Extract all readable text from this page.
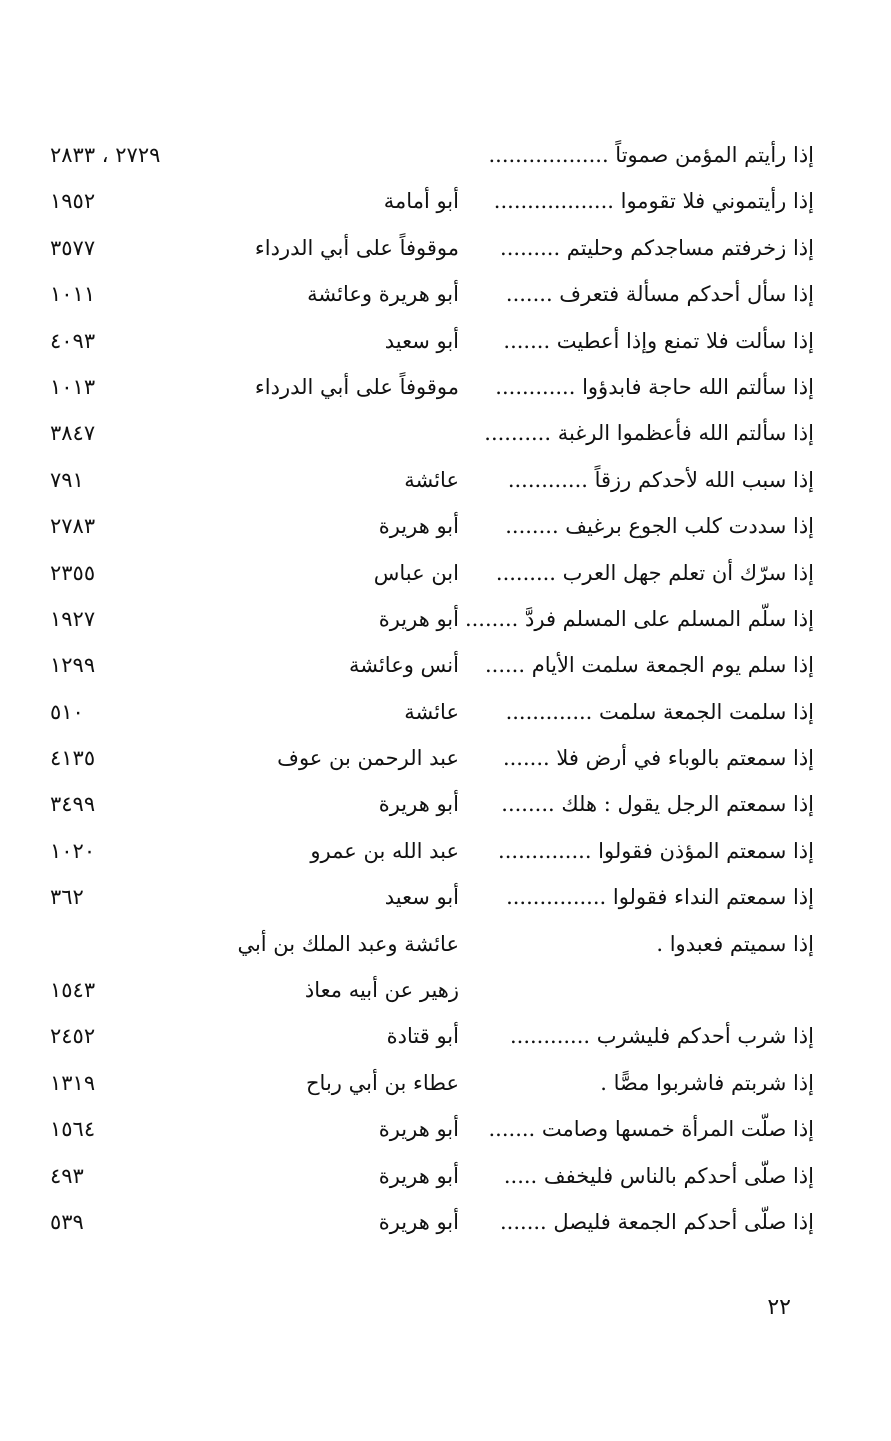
إذا رأيتم المؤمن صموتاً ..................
٢٧٢٩ ، ٢٨٣٣
إذا رأيتموني فلا تقوموا ..................
أبو أمامة
١٩٥٢
إذا زخرفتم مساجدكم وحليتم .........
موقوفاً على أبي الدرداء
٣٥٧٧
إذا سأل أحدكم مسألة فتعرف .......
أبو هريرة وعائشة
١٠١١
إذا سألت فلا تمنع وإذا أعطيت .......
أبو سعيد
٤٠٩٣
إذا سألتم الله حاجة فابدؤوا ............
موقوفاً على أبي الدرداء
١٠١٣
إذا سألتم الله فأعظموا الرغبة ..........
٣٨٤٧
إذا سبب الله لأحدكم رزقاً ............
عائشة
٧٩١
إذا سددت كلب الجوع برغيف ........
أبو هريرة
٢٧٨٣
إذا سرّك أن تعلم جهل العرب .........
ابن عباس
٢٣٥٥
إذا سلّم المسلم على المسلم فردَّ ........
أبو هريرة
١٩٢٧
إذا سلم يوم الجمعة سلمت الأيام ......
أنس وعائشة
١٢٩٩
إذا سلمت الجمعة سلمت .............
عائشة
٥١٠
إذا سمعتم بالوباء في أرض فلا .......
عبد الرحمن بن عوف
٤١٣٥
إذا سمعتم الرجل يقول : هلك ........
أبو هريرة
٣٤٩٩
إذا سمعتم المؤذن فقولوا ..............
عبد الله بن عمرو
١٠٢٠
إذا سمعتم النداء فقولوا ...............
أبو سعيد
٣٦٢
إذا سميتم فعبدوا .
عائشة وعبد الملك بن أبي
زهير عن أبيه معاذ
١٥٤٣
إذا شرب أحدكم فليشرب ............
أبو قتادة
٢٤٥٢
إذا شربتم فاشربوا مصًّا .
عطاء بن أبي رباح
١٣١٩
إذا صلّت المرأة خمسها وصامت .......
أبو هريرة
١٥٦٤
إذا صلّى أحدكم بالناس فليخفف .....
أبو هريرة
٤٩٣
إذا صلّى أحدكم الجمعة فليصل .......
أبو هريرة
٥٣٩
٢٢
